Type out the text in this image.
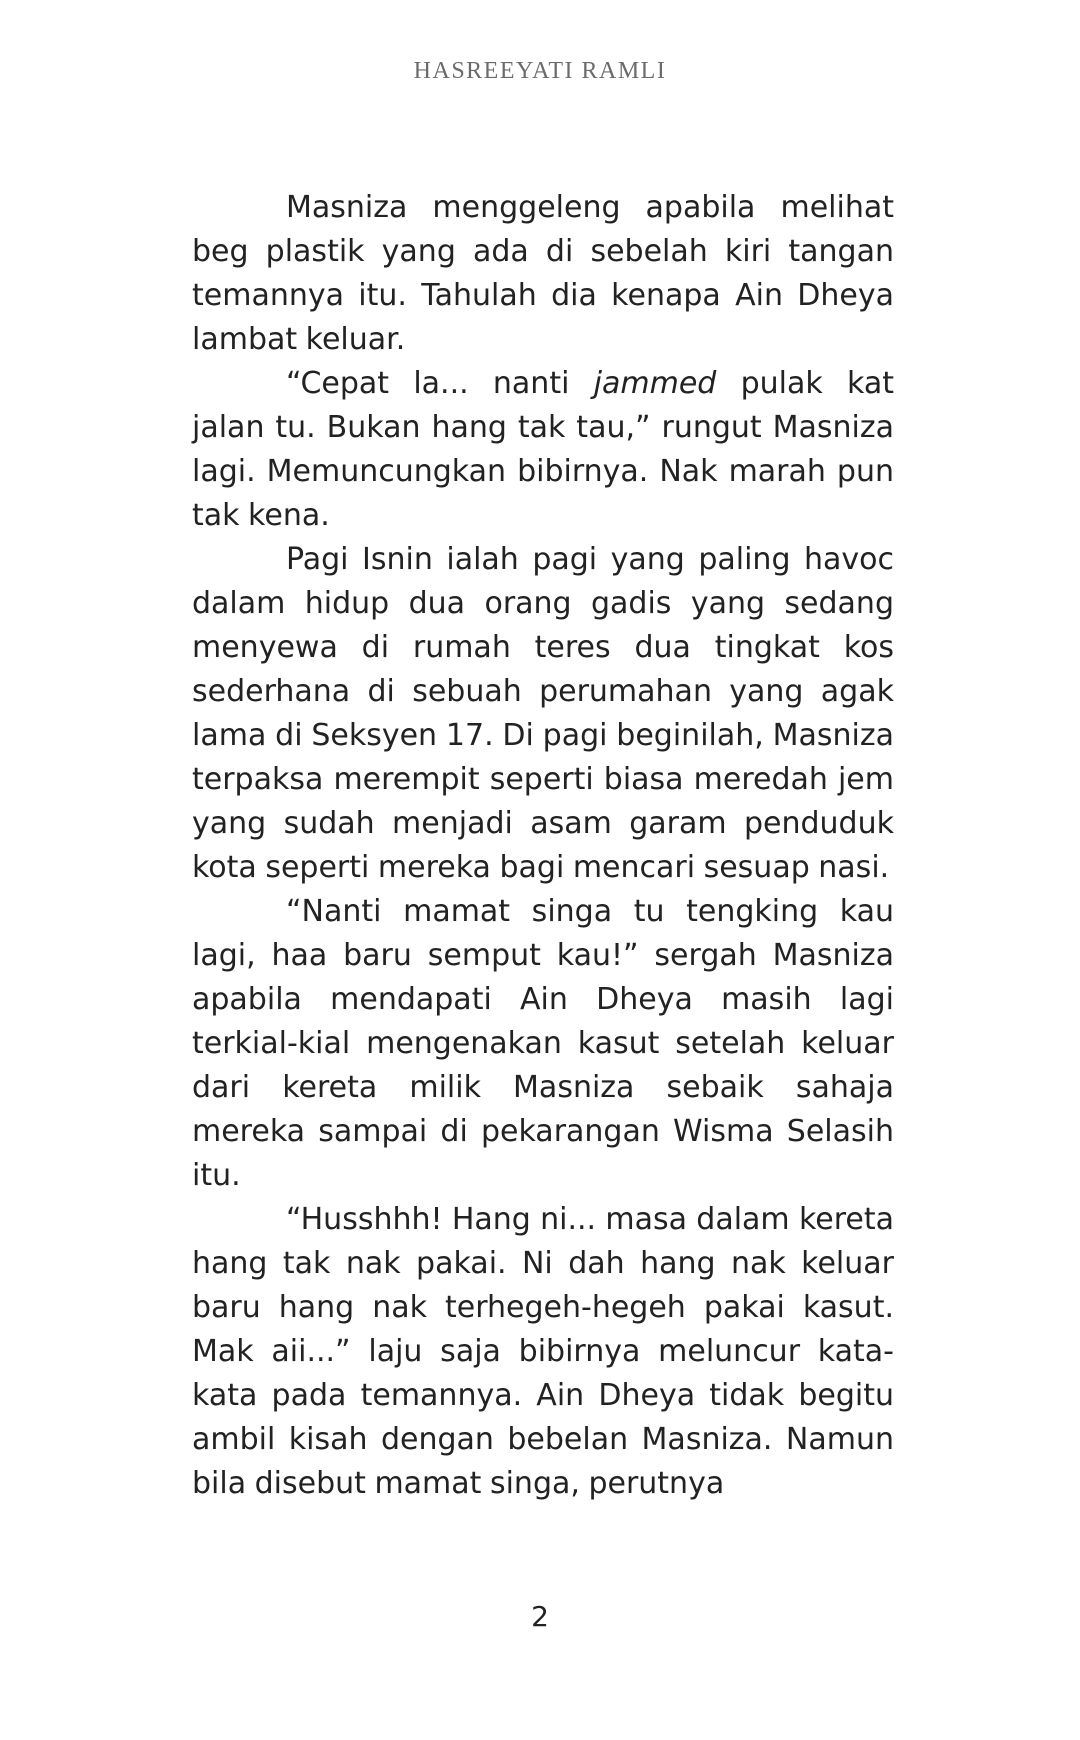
HASREEYATI RAMLI

Masniza menggeleng apabila melihat beg plastik yang ada di sebelah kiri tangan temannya itu. Tahulah dia kenapa Ain Dheya lambat keluar.

“Cepat la... nanti jammed pulak kat jalan tu. Bukan hang tak tau,” rungut Masniza lagi. Memuncungkan bibirnya. Nak marah pun tak kena.

Pagi Isnin ialah pagi yang paling havoc dalam hidup dua orang gadis yang sedang menyewa di rumah teres dua tingkat kos sederhana di sebuah perumahan yang agak lama di Seksyen 17. Di pagi beginilah, Masniza terpaksa merempit seperti biasa meredah jem yang sudah menjadi asam garam penduduk kota seperti mereka bagi mencari sesuap nasi.

“Nanti mamat singa tu tengking kau lagi, haa baru semput kau!” sergah Masniza apabila mendapati Ain Dheya masih lagi terkial-kial mengenakan kasut setelah keluar dari kereta milik Masniza sebaik sahaja mereka sampai di pekarangan Wisma Selasih itu.

“Husshhh! Hang ni... masa dalam kereta hang tak nak pakai. Ni dah hang nak keluar baru hang nak terhegeh-hegeh pakai kasut. Mak aii...” laju saja bibirnya meluncur kata-kata pada temannya. Ain Dheya tidak begitu ambil kisah dengan bebelan Masniza. Namun bila disebut mamat singa, perutnya

2
